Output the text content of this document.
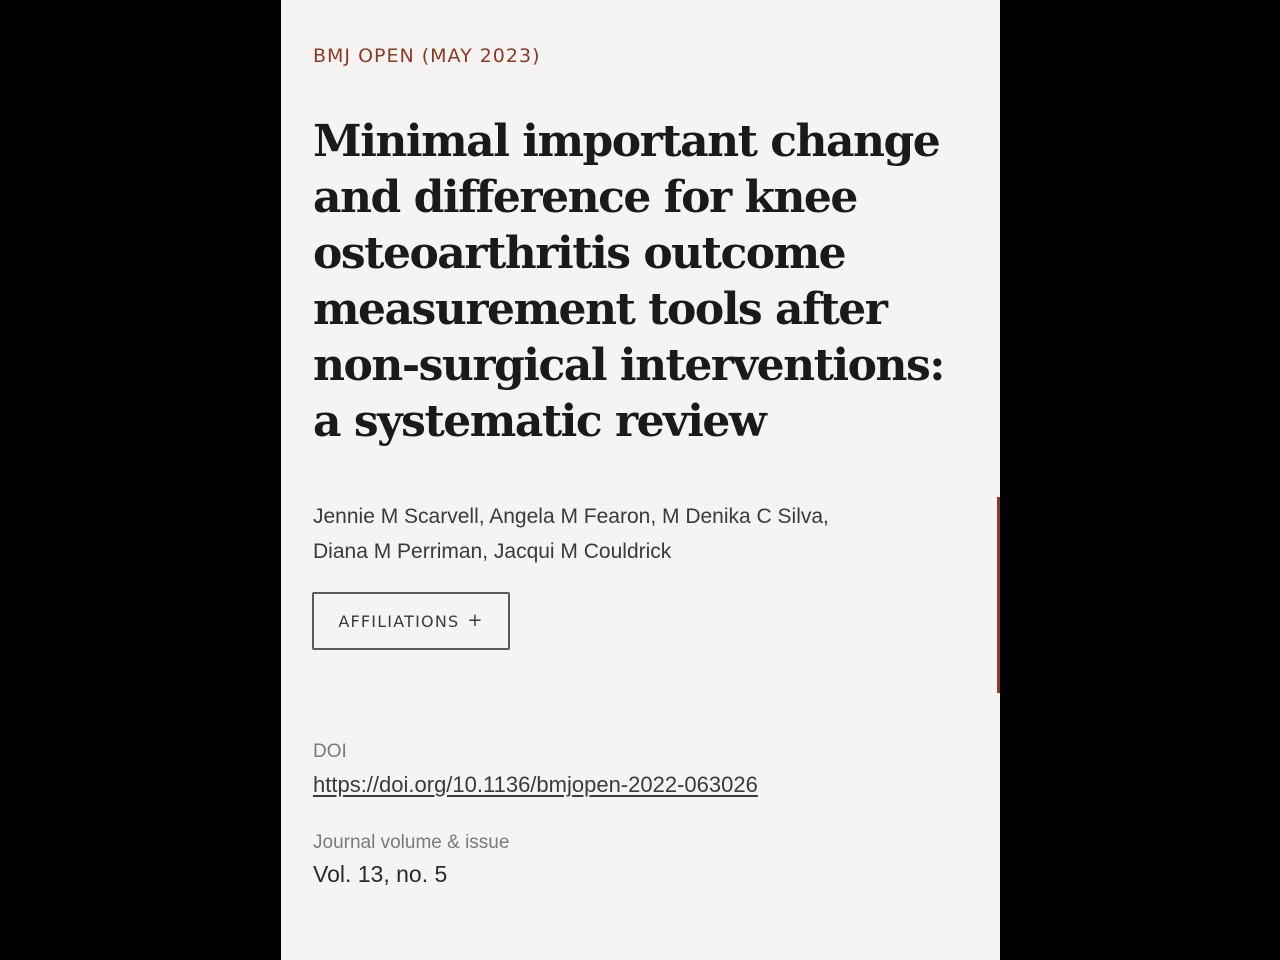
BMJ OPEN (MAY 2023)
Minimal important change
and difference for knee
osteoarthritis outcome
measurement tools after
non-surgical interventions:
a systematic review
Jennie M Scarvell, Angela M Fearon, M Denika C Silva,
Diana M Perriman, Jacqui M Couldrick
AFFILIATIONS +
DOI
https://doi.org/10.1136/bmjopen-2022-063026
Journal volume & issue
Vol. 13, no. 5
